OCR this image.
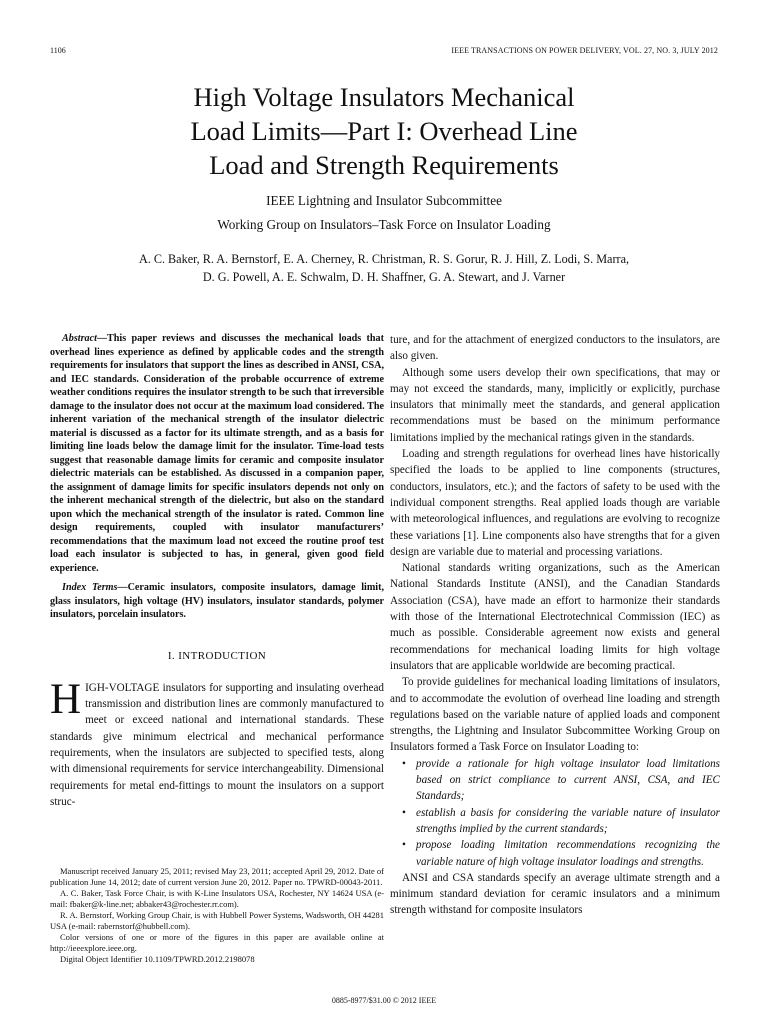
1106	IEEE TRANSACTIONS ON POWER DELIVERY, VOL. 27, NO. 3, JULY 2012
High Voltage Insulators Mechanical
Load Limits—Part I: Overhead Line
Load and Strength Requirements
IEEE Lightning and Insulator Subcommittee
Working Group on Insulators–Task Force on Insulator Loading
A. C. Baker, R. A. Bernstorf, E. A. Cherney, R. Christman, R. S. Gorur, R. J. Hill, Z. Lodi, S. Marra,
D. G. Powell, A. E. Schwalm, D. H. Shaffner, G. A. Stewart, and J. Varner

Abstract—This paper reviews and discusses the mechanical loads that overhead lines experience as defined by applicable codes and the strength requirements for insulators that support the lines as described in ANSI, CSA, and IEC standards. Consideration of the probable occurrence of extreme weather conditions requires the insulator strength to be such that irreversible damage to the insulator does not occur at the maximum load considered. The inherent variation of the mechanical strength of the insulator dielectric material is discussed as a factor for its ultimate strength, and as a basis for limiting line loads below the damage limit for the insulator. Time-load tests suggest that reasonable damage limits for ceramic and composite insulator dielectric materials can be established. As discussed in a companion paper, the assignment of damage limits for specific insulators depends not only on the inherent mechanical strength of the dielectric, but also on the standard upon which the mechanical strength of the insulator is rated. Common line design requirements, coupled with insulator manufacturers’ recommendations that the maximum load not exceed the routine proof test load each insulator is subjected to has, in general, given good field experience.

Index Terms—Ceramic insulators, composite insulators, damage limit, glass insulators, high voltage (HV) insulators, insulator standards, polymer insulators, porcelain insulators.

I. INTRODUCTION

HIGH-VOLTAGE insulators for supporting and insulating overhead transmission and distribution lines are commonly manufactured to meet or exceed national and international standards. These standards give minimum electrical and mechanical performance requirements, when the insulators are subjected to specified tests, along with dimensional requirements for service interchangeability. Dimensional requirements for metal end-fittings to mount the insulators on a support struc-

Manuscript received January 25, 2011; revised May 23, 2011; accepted April 29, 2012. Date of publication June 14, 2012; date of current version June 20, 2012. Paper no. TPWRD-00043-2011.

A. C. Baker, Task Force Chair, is with K-Line Insulators USA, Rochester, NY 14624 USA (e-mail: fbaker@k-line.net; abbaker43@rochester.rr.com).

R. A. Bernstorf, Working Group Chair, is with Hubbell Power Systems, Wadsworth, OH 44281 USA (e-mail: rabernstorf@hubbell.com).

Color versions of one or more of the figures in this paper are available online at http://ieeexplore.ieee.org.

Digital Object Identifier 10.1109/TPWRD.2012.2198078

ture, and for the attachment of energized conductors to the insulators, are also given.

Although some users develop their own specifications, that may or may not exceed the standards, many, implicitly or explicitly, purchase insulators that minimally meet the standards, and general application recommendations must be based on the minimum performance limitations implied by the mechanical ratings given in the standards.

Loading and strength regulations for overhead lines have historically specified the loads to be applied to line components (structures, conductors, insulators, etc.); and the factors of safety to be used with the individual component strengths. Real applied loads though are variable with meteorological influences, and regulations are evolving to recognize these variations [1]. Line components also have strengths that for a given design are variable due to material and processing variations.

National standards writing organizations, such as the American National Standards Institute (ANSI), and the Canadian Standards Association (CSA), have made an effort to harmonize their standards with those of the International Electrotechnical Commission (IEC) as much as possible. Considerable agreement now exists and general recommendations for mechanical loading limits for high voltage insulators that are applicable worldwide are becoming practical.

To provide guidelines for mechanical loading limitations of insulators, and to accommodate the evolution of overhead line loading and strength regulations based on the variable nature of applied loads and component strengths, the Lightning and Insulator Subcommittee Working Group on Insulators formed a Task Force on Insulator Loading to:

• provide a rationale for high voltage insulator load limitations based on strict compliance to current ANSI, CSA, and IEC Standards;
• establish a basis for considering the variable nature of insulator strengths implied by the current standards;
• propose loading limitation recommendations recognizing the variable nature of high voltage insulator loadings and strengths.

ANSI and CSA standards specify an average ultimate strength and a minimum standard deviation for ceramic insulators and a minimum strength withstand for composite insulators

0885-8977/$31.00 © 2012 IEEE
